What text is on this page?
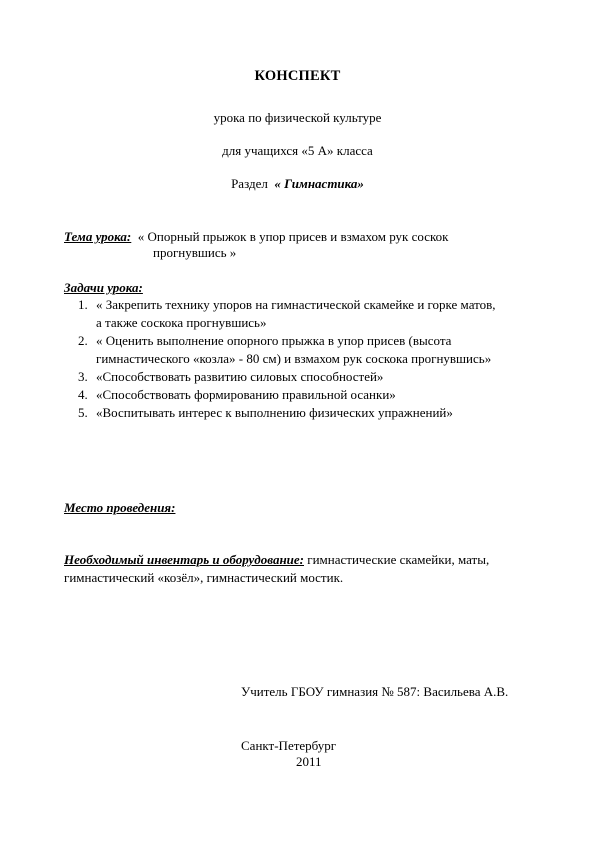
КОНСПЕКТ
урока по физической культуре
для учащихся «5 А» класса
Раздел « Гимнастика»
Тема урока: « Опорный прыжок в упор присев и взмахом рук соскок
прогнувшись »
Задачи урока:
1. « Закрепить технику упоров на гимнастической скамейке и горке матов,
а также соскока прогнувшись»
2. « Оценить выполнение опорного прыжка в упор присев (высота
гимнастического «козла» - 80 см) и взмахом рук соскока прогнувшись»
3. «Способствовать развитию силовых способностей»
4. «Способствовать формированию правильной осанки»
5. «Воспитывать интерес к выполнению физических упражнений»
Место проведения:
Необходимый инвентарь и оборудование: гимнастические скамейки, маты,
гимнастический «козёл», гимнастический мостик.
Учитель ГБОУ гимназия № 587: Васильева А.В.
Санкт-Петербург
2011
